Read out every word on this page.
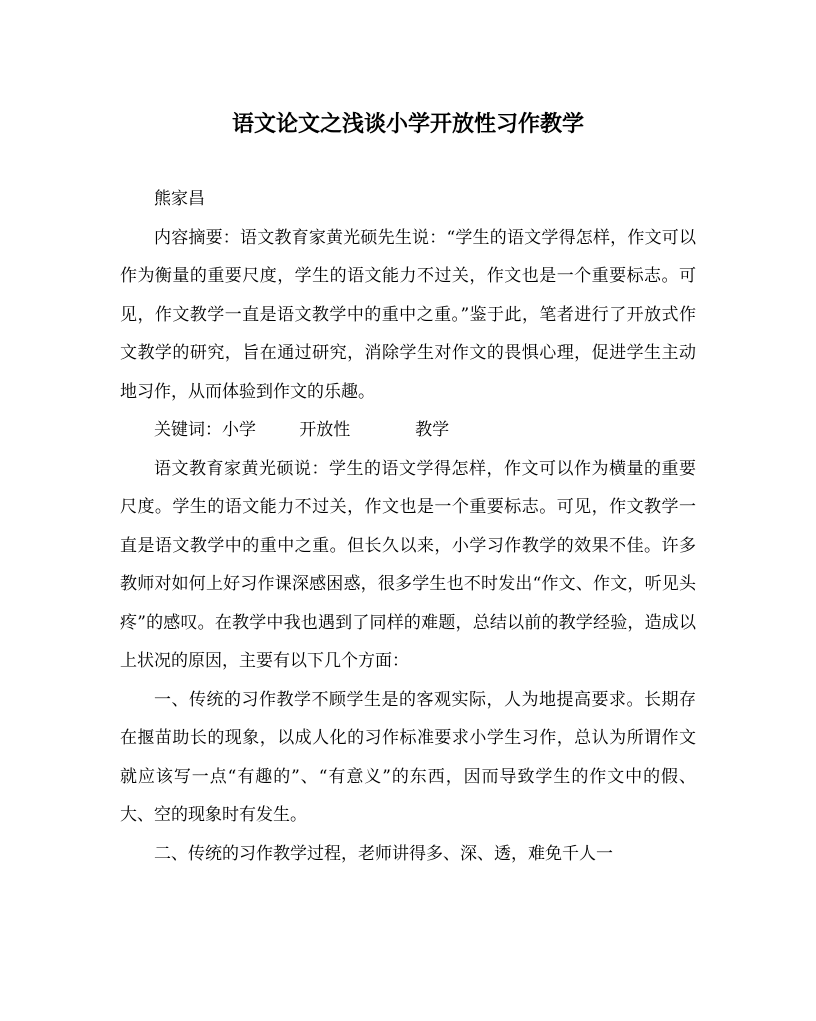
语文论文之浅谈小学开放性习作教学

熊家昌

内容摘要：语文教育家黄光硕先生说：“学生的语文学得怎样，作文可以作为衡量的重要尺度，学生的语文能力不过关，作文也是一个重要标志。可见，作文教学一直是语文教学中的重中之重。”鉴于此，笔者进行了开放式作文教学的研究，旨在通过研究，消除学生对作文的畏惧心理，促进学生主动地习作，从而体验到作文的乐趣。

关键词：小学        开放性            教学

语文教育家黄光硕说：学生的语文学得怎样，作文可以作为横量的重要尺度。学生的语文能力不过关，作文也是一个重要标志。可见，作文教学一直是语文教学中的重中之重。但长久以来，小学习作教学的效果不佳。许多教师对如何上好习作课深感困惑，很多学生也不时发出“作文、作文，听见头疼”的感叹。在教学中我也遇到了同样的难题，总结以前的教学经验，造成以上状况的原因，主要有以下几个方面：

一、传统的习作教学不顾学生是的客观实际，人为地提高要求。长期存在揠苗助长的现象，以成人化的习作标准要求小学生习作，总认为所谓作文就应该写一点“有趣的”、“有意义”的东西，因而导致学生的作文中的假、大、空的现象时有发生。

二、传统的习作教学过程，老师讲得多、深、透，难免千人一
